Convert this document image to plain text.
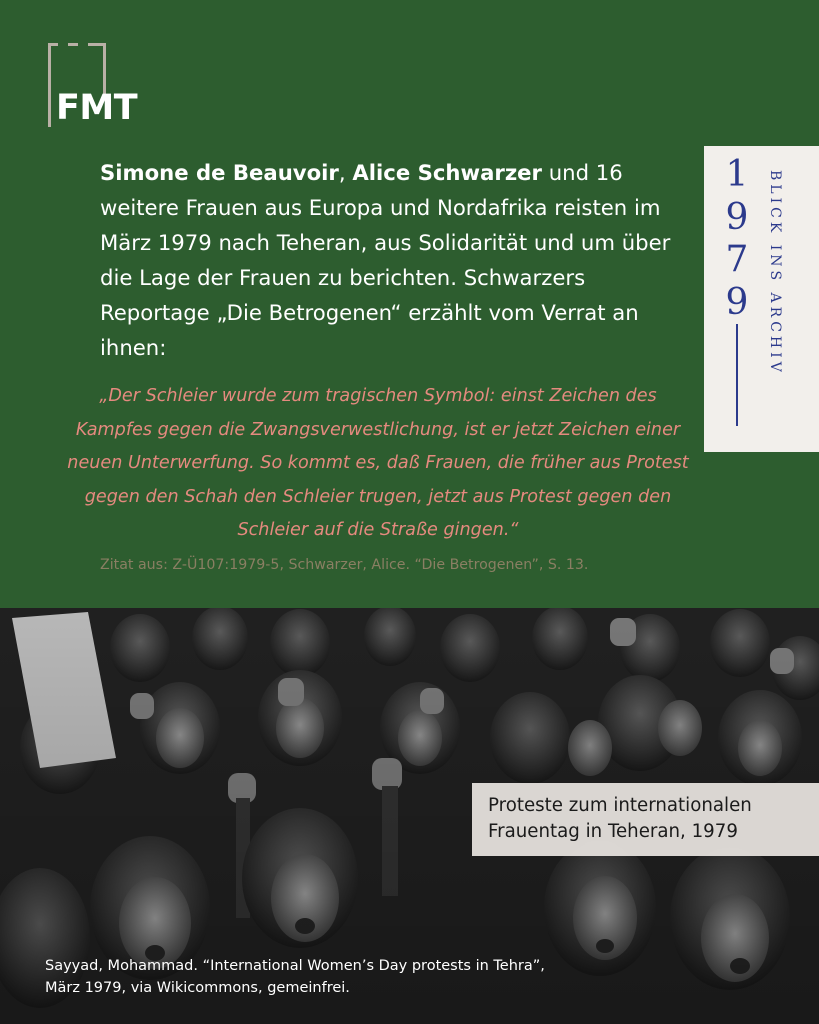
FMT
Simone de Beauvoir, Alice Schwarzer und 16 weitere Frauen aus Europa und Nordafrika reisten im März 1979 nach Teheran, aus Solidarität und um über die Lage der Frauen zu berichten. Schwarzers Reportage „Die Betrogenen“ erzählt vom Verrat an ihnen:
„Der Schleier wurde zum tragischen Symbol: einst Zeichen des Kampfes gegen die Zwangsverwestlichung, ist er jetzt Zeichen einer neuen Unterwerfung. So kommt es, daß Frauen, die früher aus Protest gegen den Schah den Schleier trugen, jetzt aus Protest gegen den Schleier auf die Straße gingen.“
Zitat aus: Z-Ü107:1979-5, Schwarzer, Alice. “Die Betrogenen”, S. 13.
1
9
7
9 BLICK INS ARCHIV
Proteste zum internationalen Frauentag in Teheran, 1979
Sayyad, Mohammad. “International Women’s Day protests in Tehra”, März 1979, via Wikicommons, gemeinfrei.
